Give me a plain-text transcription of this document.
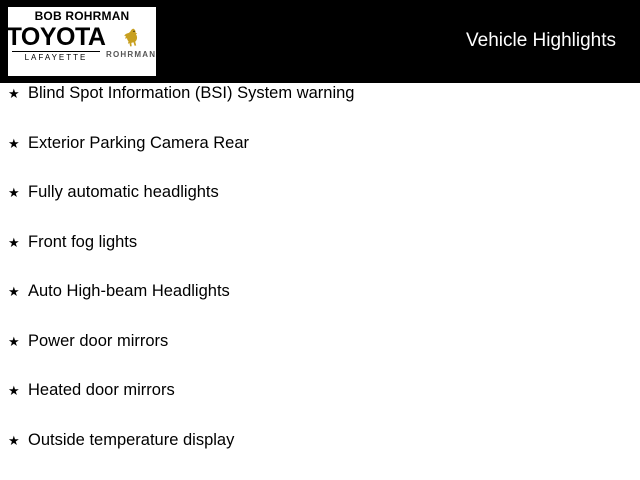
BOB ROHRMAN
TOYOTA
LAFAYETTE	ROHRMAN
Vehicle Highlights
★ Blind Spot Information (BSI) System warning
★ Exterior Parking Camera Rear
★ Fully automatic headlights
★ Front fog lights
★ Auto High-beam Headlights
★ Power door mirrors
★ Heated door mirrors
★ Outside temperature display
